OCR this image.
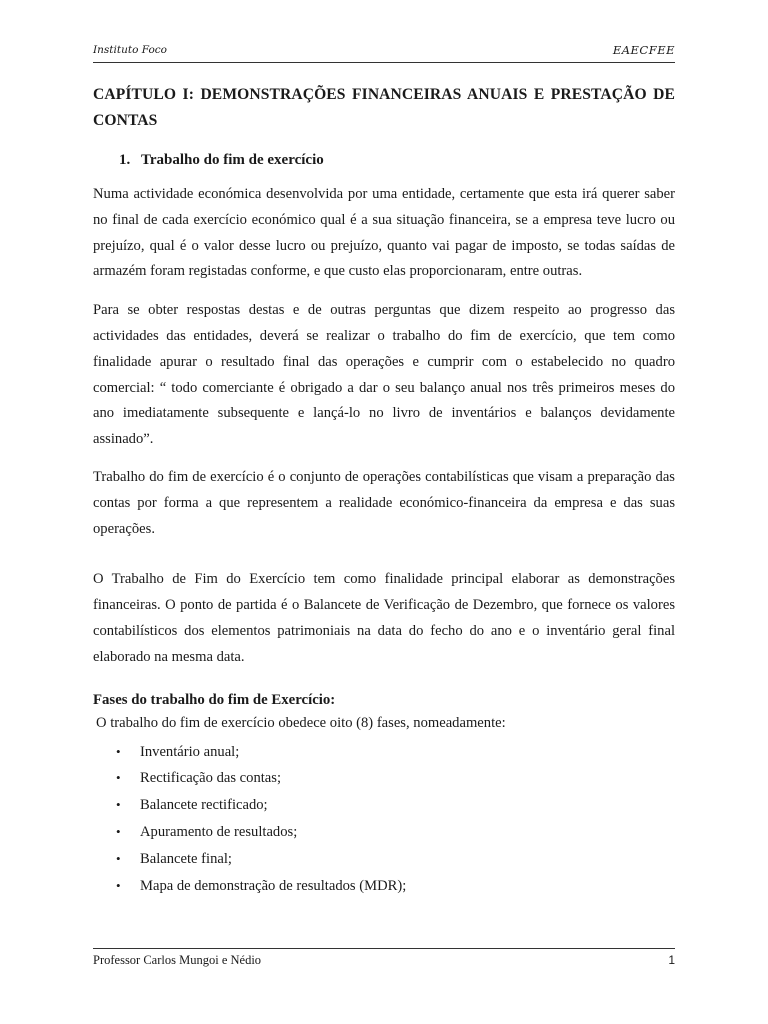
Instituto Foco	EAECFEE
CAPÍTULO I: DEMONSTRAÇÕES FINANCEIRAS ANUAIS E PRESTAÇÃO DE CONTAS
1. Trabalho do fim de exercício

Numa actividade económica desenvolvida por uma entidade, certamente que esta irá querer saber no final de cada exercício económico qual é a sua situação financeira, se a empresa teve lucro ou prejuízo, qual é o valor desse lucro ou prejuízo, quanto vai pagar de imposto, se todas saídas de armazém foram registadas conforme, e que custo elas proporcionaram, entre outras.

Para se obter respostas destas e de outras perguntas que dizem respeito ao progresso das actividades das entidades, deverá se realizar o trabalho do fim de exercício, que tem como finalidade apurar o resultado final das operações e cumprir com o estabelecido no quadro comercial: “ todo comerciante é obrigado a dar o seu balanço anual nos três primeiros meses do ano imediatamente subsequente e lançá-lo no livro de inventários e balanços devidamente assinado”.

Trabalho do fim de exercício é o conjunto de operações contabilísticas que visam a preparação das contas por forma a que representem a realidade económico-financeira da empresa e das suas operações.

O Trabalho de Fim do Exercício tem como finalidade principal elaborar as demonstrações financeiras. O ponto de partida é o Balancete de Verificação de Dezembro, que fornece os valores contabilísticos dos elementos patrimoniais na data do fecho do ano e o inventário geral final elaborado na mesma data.

Fases do trabalho do fim de Exercício:
O trabalho do fim de exercício obedece oito (8) fases, nomeadamente:
• Inventário anual;
• Rectificação das contas;
• Balancete rectificado;
• Apuramento de resultados;
• Balancete final;
• Mapa de demonstração de resultados (MDR);
Professor Carlos Mungoi e Nédio	1
